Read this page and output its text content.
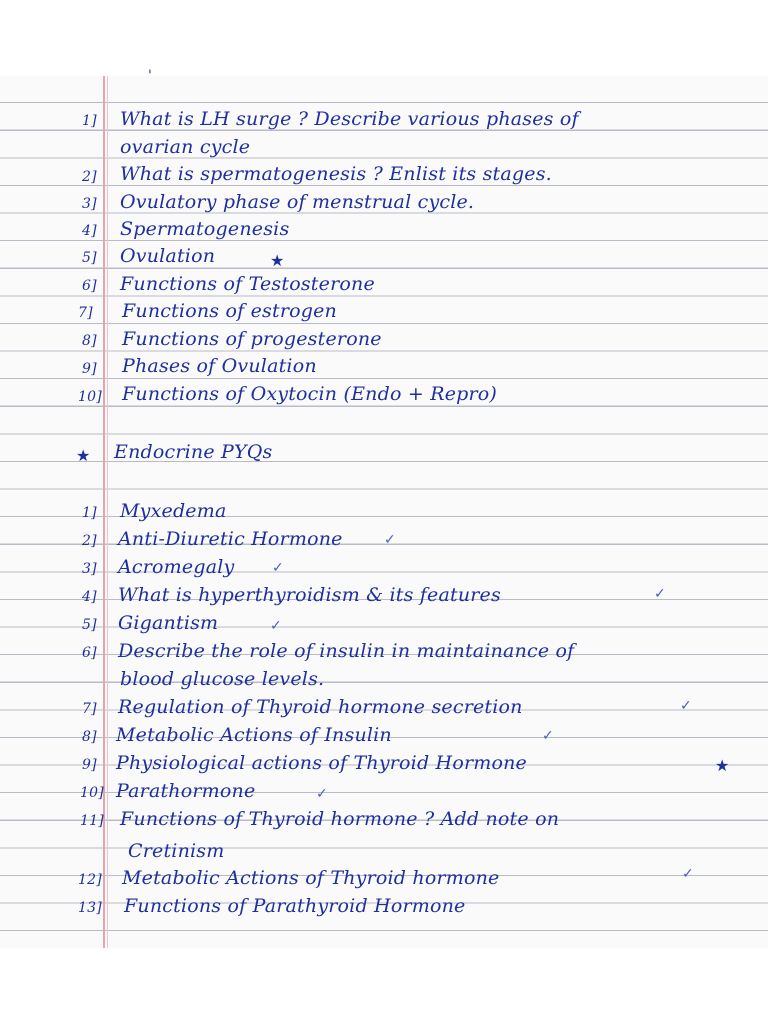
'
1] What is LH surge ? Describe various phases of
ovarian cycle
2] What is spermatogenesis ? Enlist its stages.
3] Ovulatory phase of menstrual cycle.
4] Spermatogenesis
5] Ovulation	★
6] Functions of Testosterone
7] Functions of estrogen
8] Functions of progesterone
9] Phases of Ovulation
10] Functions of Oxytocin (Endo + Repro)
★ Endocrine PYQs
1] Myxedema
2] Anti-Diuretic Hormone	✓
3] Acromegaly	✓
4] What is hyperthyroidism & its features	✓
5] Gigantism	✓
6] Describe the role of insulin in maintainance of
blood glucose levels.
7] Regulation of Thyroid hormone secretion	✓
8] Metabolic Actions of Insulin	✓
9] Physiological actions of Thyroid Hormone	★
10] Parathormone	✓
11] Functions of Thyroid hormone ? Add note on
Cretinism
12] Metabolic Actions of Thyroid hormone	✓
13] Functions of Parathyroid Hormone
